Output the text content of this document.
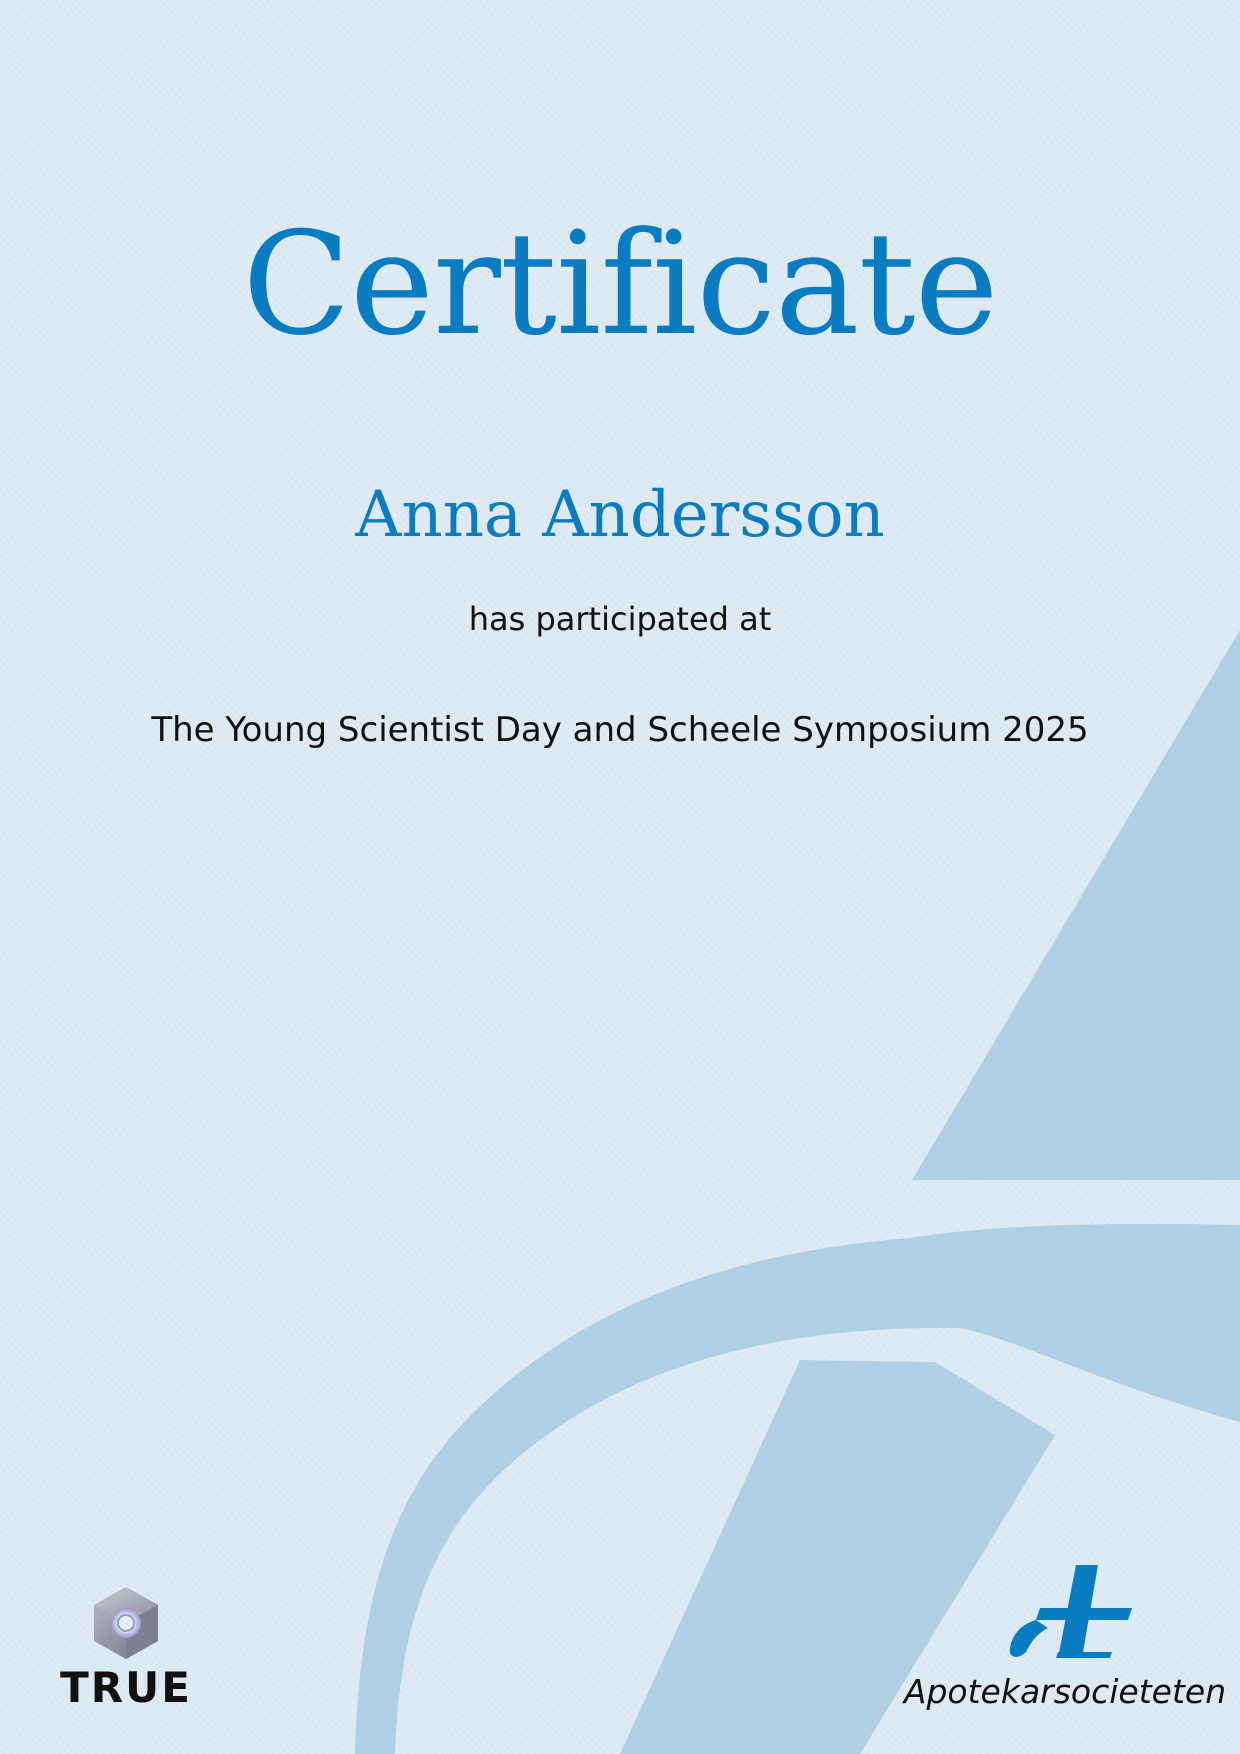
Certificate
Anna Andersson
has participated at
The Young Scientist Day and Scheele Symposium 2025
TRUE	Apotekarsocieteten
